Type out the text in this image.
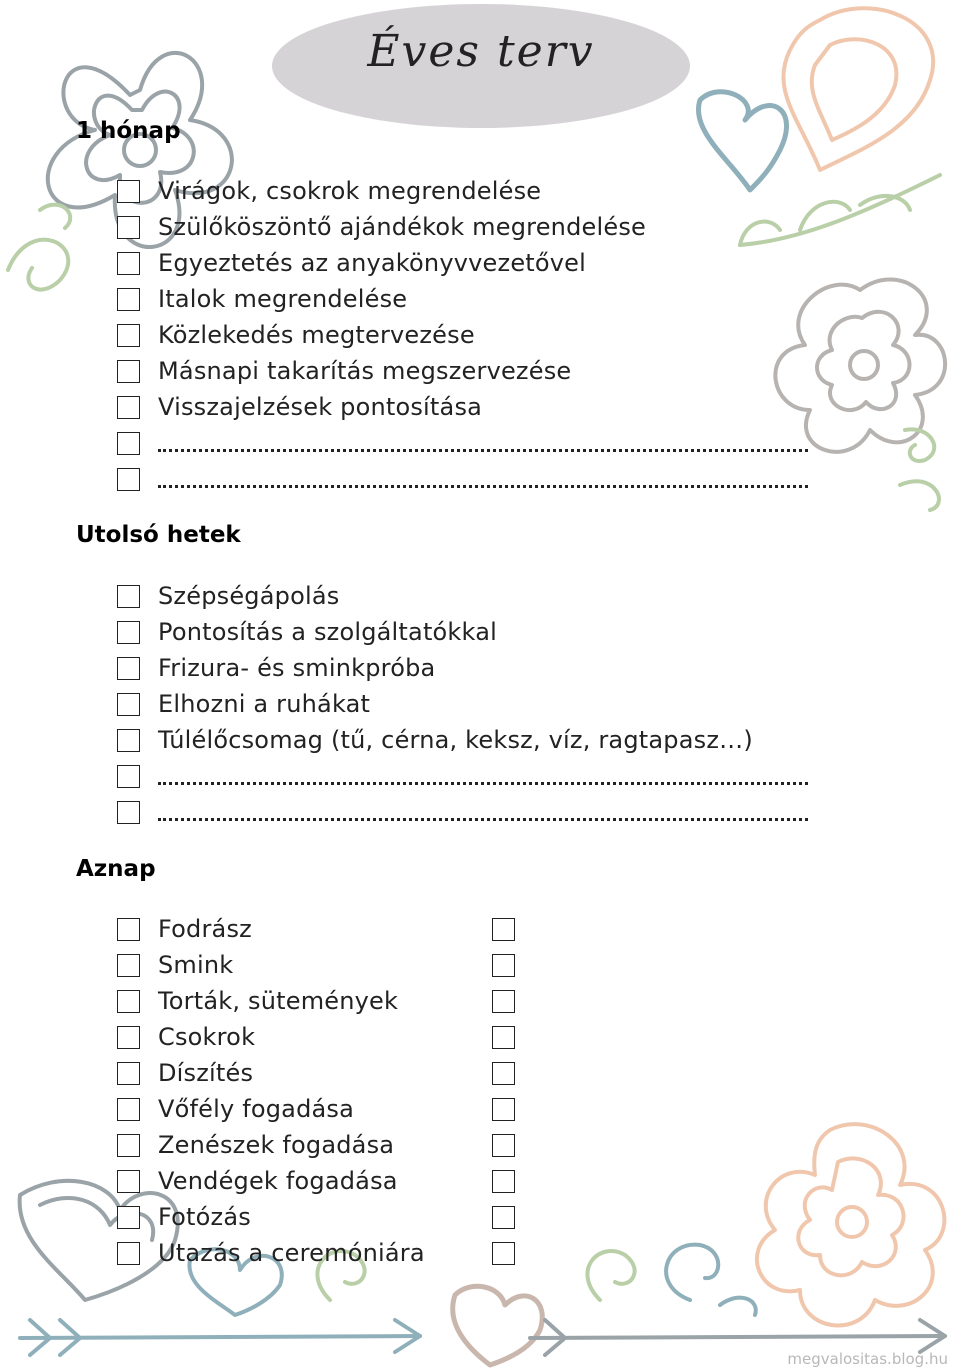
Éves terv
1 hónap
Virágok, csokrok megrendelése
Szülőköszöntő ajándékok megrendelése
Egyeztetés az anyakönyvvezetővel
Italok megrendelése
Közlekedés megtervezése
Másnapi takarítás megszervezése
Visszajelzések pontosítása
Utolsó hetek
Szépségápolás
Pontosítás a szolgáltatókkal
Frizura- és sminkpróba
Elhozni a ruhákat
Túlélőcsomag (tű, cérna, keksz, víz, ragtapasz…)
Aznap
Fodrász
Smink
Torták, sütemények
Csokrok
Díszítés
Vőfély fogadása
Zenészek fogadása
Vendégek fogadása
Fotózás
Utazás a ceremóniára
megvalositas.blog.hu
